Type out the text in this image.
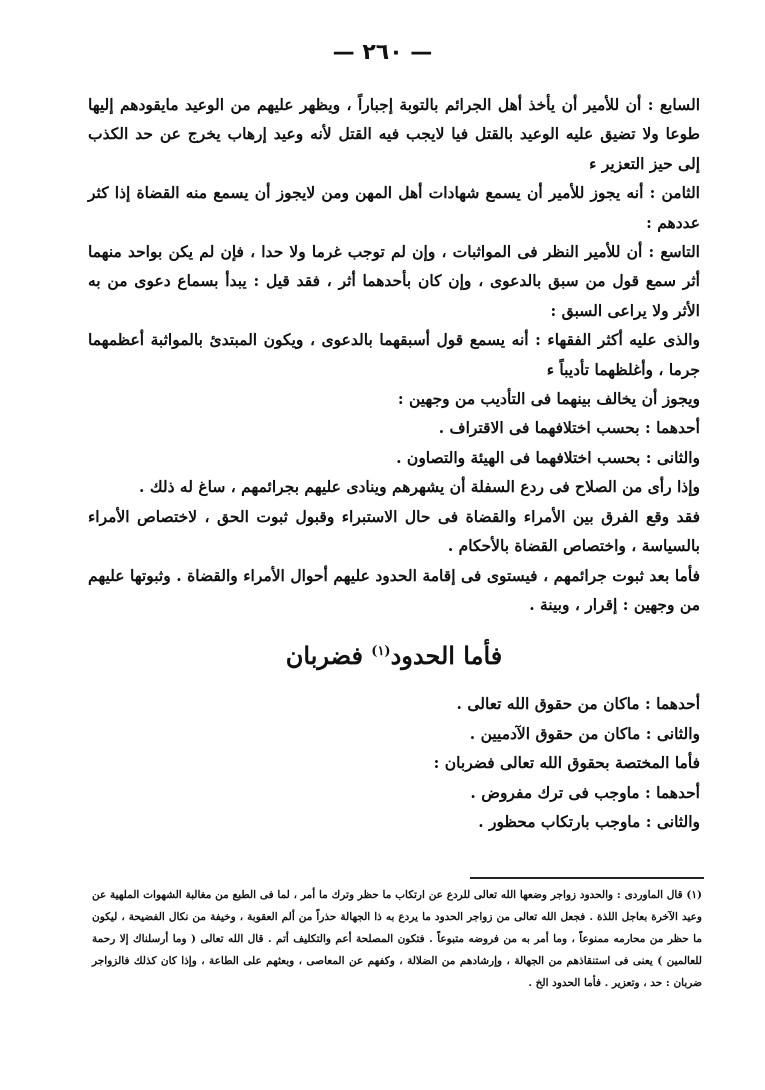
— ٢٦٠ —

السابع : أن للأمير أن يأخذ أهل الجرائم بالتوبة إجباراً ، ويظهر عليهم من الوعيد مايقودهم إليها طوعا ولا تضيق عليه الوعيد بالقتل فيا لايجب فيه القتل لأنه وعيد إرهاب يخرج عن حد الكذب إلى حيز التعزير ء

الثامن : أنه يجوز للأمير أن يسمع شهادات أهل المهن ومن لايجوز أن يسمع منه القضاة إذا كثر عددهم :

التاسع : أن للأمير النظر فى المواثبات ، وإن لم توجب غرما ولا حدا ، فإن لم يكن بواحد منهما أثر سمع قول من سبق بالدعوى ، وإن كان بأحدهما أثر ، فقد قيل : يبدأ بسماع دعوى من به الأثر ولا يراعى السبق :

والذى عليه أكثر الفقهاء : أنه يسمع قول أسبقهما بالدعوى ، ويكون المبتدئ بالمواثبة أعظمهما جرما ، وأغلظهما تأديباً ء

ويجوز أن يخالف بينهما فى التأديب من وجهين :

أحدهما : بحسب اختلافهما فى الاقتراف .

والثانى : بحسب اختلافهما فى الهيئة والتصاون .

وإذا رأى من الصلاح فى ردع السفلة أن يشهرهم وينادى عليهم بجرائمهم ، ساغ له ذلك .

فقد وقع الفرق بين الأمراء والقضاة فى حال الاستبراء وقبول ثبوت الحق ، لاختصاص الأمراء بالسياسة ، واختصاص القضاة بالأحكام .

فأما بعد ثبوت جرائمهم ، فيستوى فى إقامة الحدود عليهم أحوال الأمراء والقضاة . وثبوتها عليهم من وجهين : إقرار ، وبينة .

فأما الحدود$^{(١)}$ فضربان

أحدهما : ماكان من حقوق الله تعالى .

والثانى : ماكان من حقوق الآدميين .

فأما المختصة بحقوق الله تعالى فضربان :

أحدهما : ماوجب فى ترك مفروض .

والثانى : ماوجب بارتكاب محظور .

(١) قال الماوردى : والحدود زواجر وضعها الله تعالى للردع عن ارتكاب ما حظر وترك ما أمر ، لما فى الطبع من مغالبة الشهوات الملهية عن وعيد الآخرة بعاجل اللذة . فجعل الله تعالى من زواجر الحدود ما يردع به ذا الجهالة حذراً من ألم العقوبة ، وخيفة من نكال الفضيحة ، ليكون ما حظر من محارمه ممنوعاً ، وما أمر به من فروضه متبوعاً . فتكون المصلحة أعم والتكليف أتم . قال الله تعالى ( وما أرسلناك إلا رحمة للعالمين ) يعنى فى استنقاذهم من الجهالة ، وإرشادهم من الضلالة ، وكفهم عن المعاصى ، وبعثهم على الطاعة ، وإذا كان كذلك فالزواجر ضربان : حد ، وتعزير . فأما الحدود الخ .
